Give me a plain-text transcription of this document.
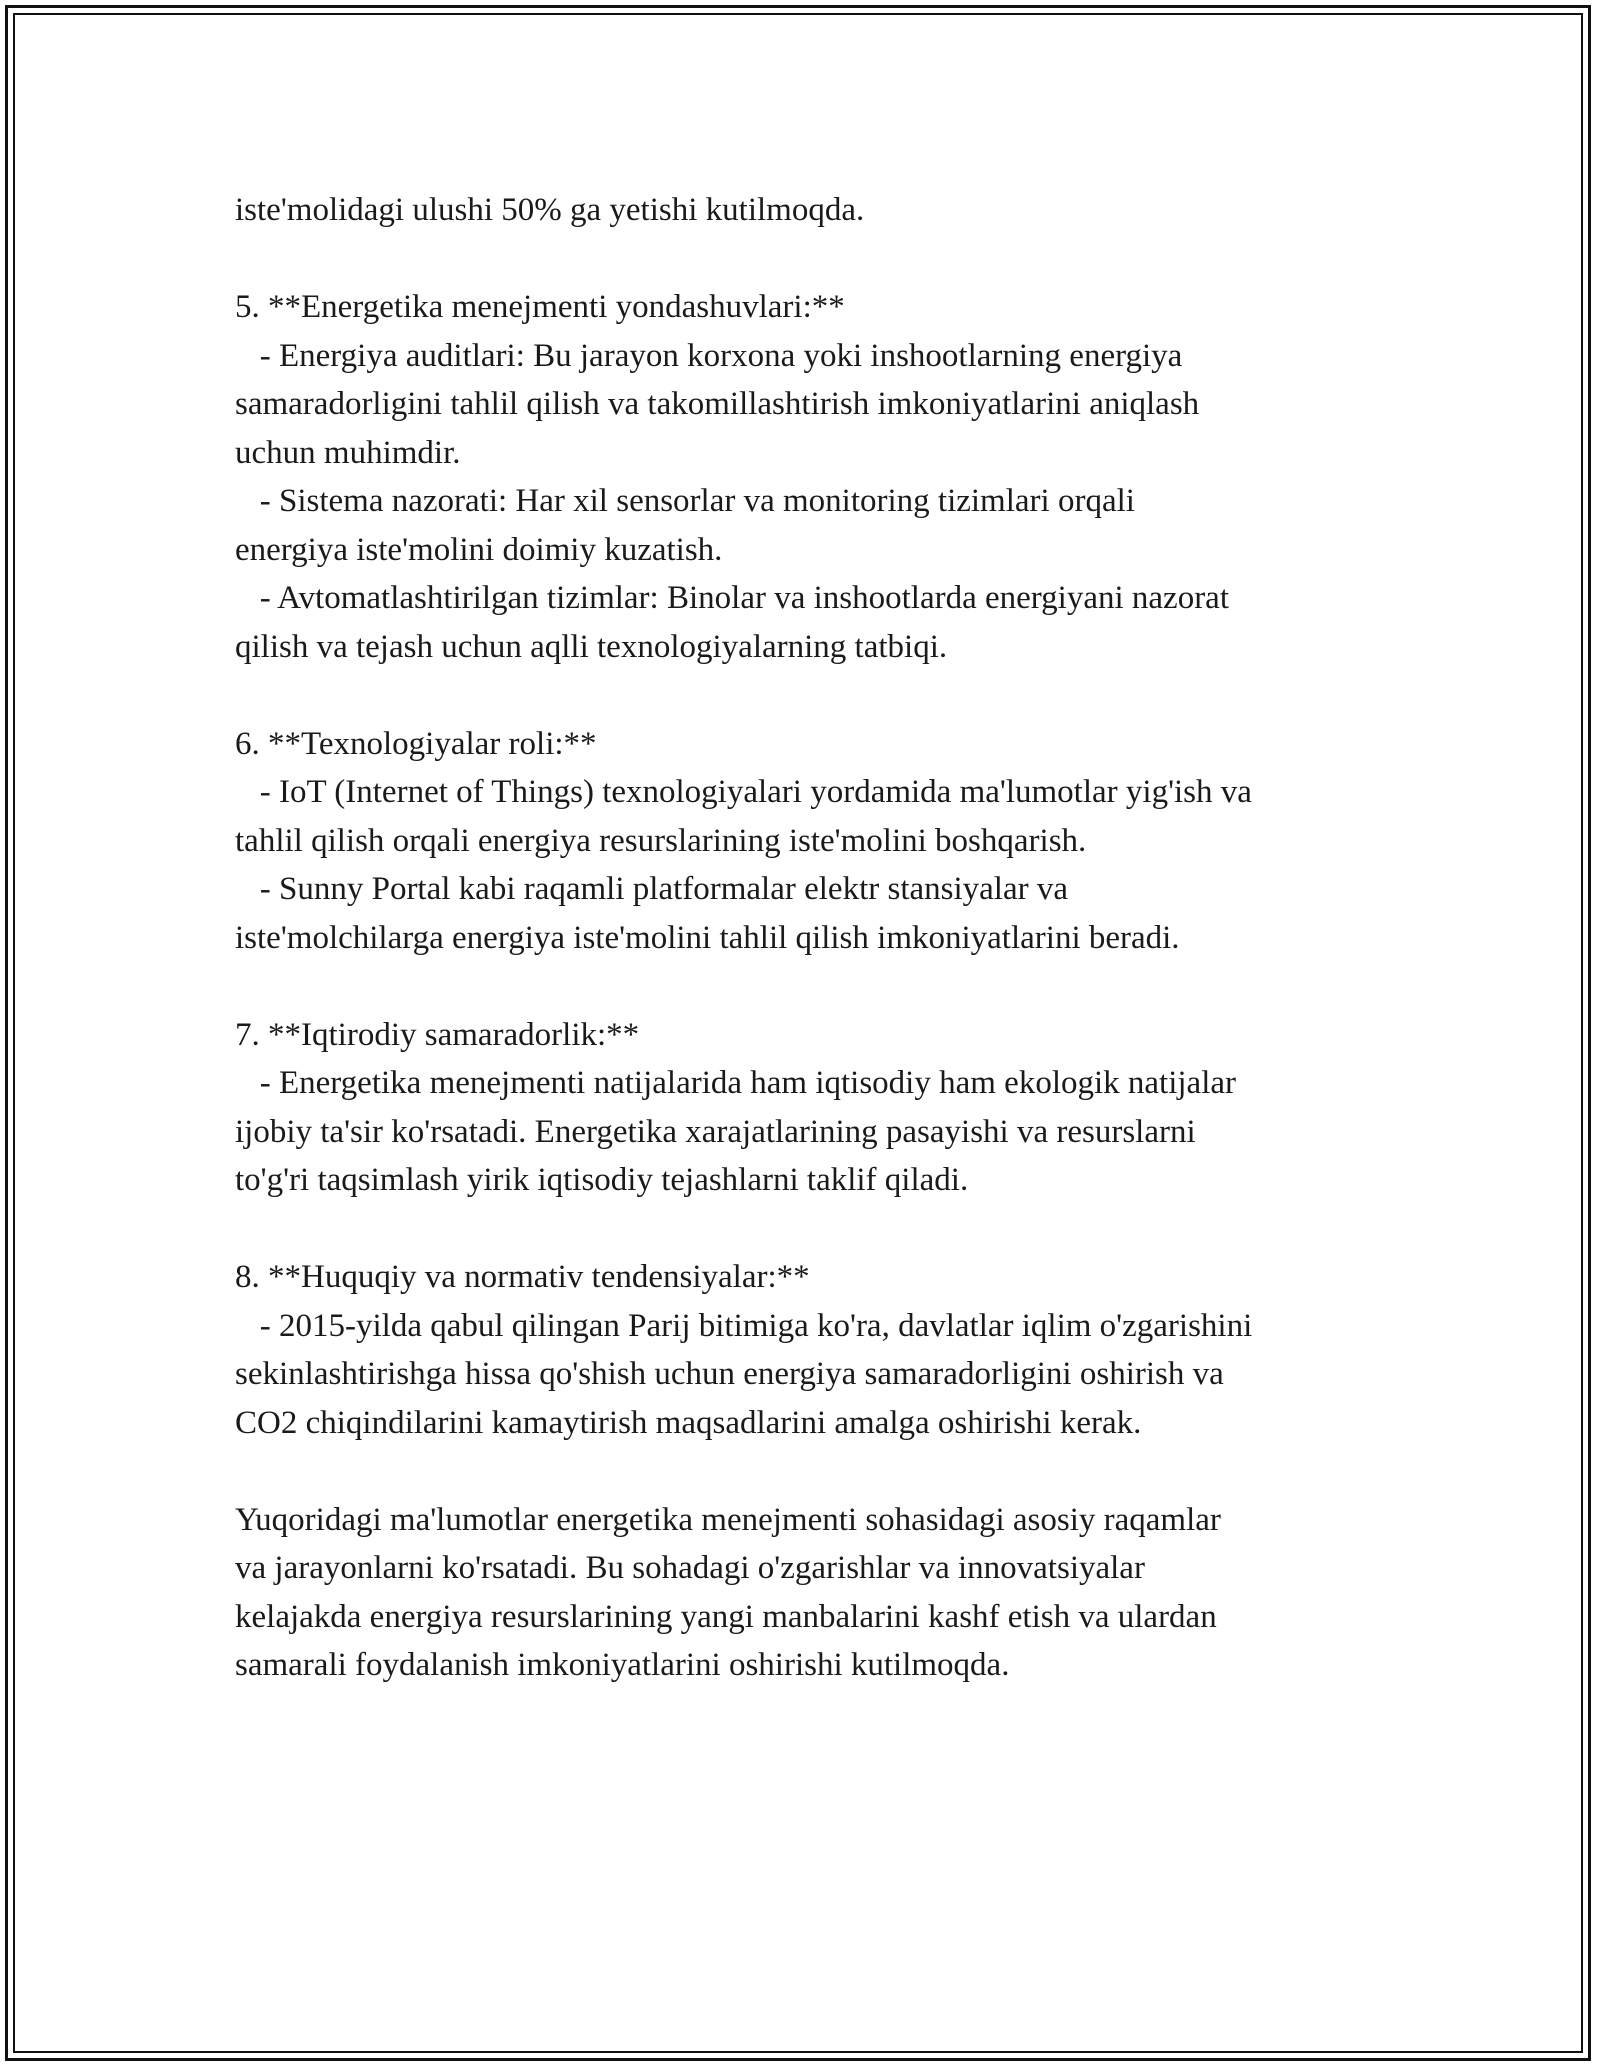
iste'molidagi ulushi 50% ga yetishi kutilmoqda.
5. **Energetika menejmenti yondashuvlari:**
- Energiya auditlari: Bu jarayon korxona yoki inshootlarning energiya
samaradorligini tahlil qilish va takomillashtirish imkoniyatlarini aniqlash
uchun muhimdir.
- Sistema nazorati: Har xil sensorlar va monitoring tizimlari orqali
energiya iste'molini doimiy kuzatish.
- Avtomatlashtirilgan tizimlar: Binolar va inshootlarda energiyani nazorat
qilish va tejash uchun aqlli texnologiyalarning tatbiqi.
6. **Texnologiyalar roli:**
- IoT (Internet of Things) texnologiyalari yordamida ma'lumotlar yig'ish va
tahlil qilish orqali energiya resurslarining iste'molini boshqarish.
- Sunny Portal kabi raqamli platformalar elektr stansiyalar va
iste'molchilarga energiya iste'molini tahlil qilish imkoniyatlarini beradi.
7. **Iqtirodiy samaradorlik:**
- Energetika menejmenti natijalarida ham iqtisodiy ham ekologik natijalar
ijobiy ta'sir ko'rsatadi. Energetika xarajatlarining pasayishi va resurslarni
to'g'ri taqsimlash yirik iqtisodiy tejashlarni taklif qiladi.
8. **Huquqiy va normativ tendensiyalar:**
- 2015-yilda qabul qilingan Parij bitimiga ko'ra, davlatlar iqlim o'zgarishini
sekinlashtirishga hissa qo'shish uchun energiya samaradorligini oshirish va
CO2 chiqindilarini kamaytirish maqsadlarini amalga oshirishi kerak.
Yuqoridagi ma'lumotlar energetika menejmenti sohasidagi asosiy raqamlar
va jarayonlarni ko'rsatadi. Bu sohadagi o'zgarishlar va innovatsiyalar
kelajakda energiya resurslarining yangi manbalarini kashf etish va ulardan
samarali foydalanish imkoniyatlarini oshirishi kutilmoqda.
